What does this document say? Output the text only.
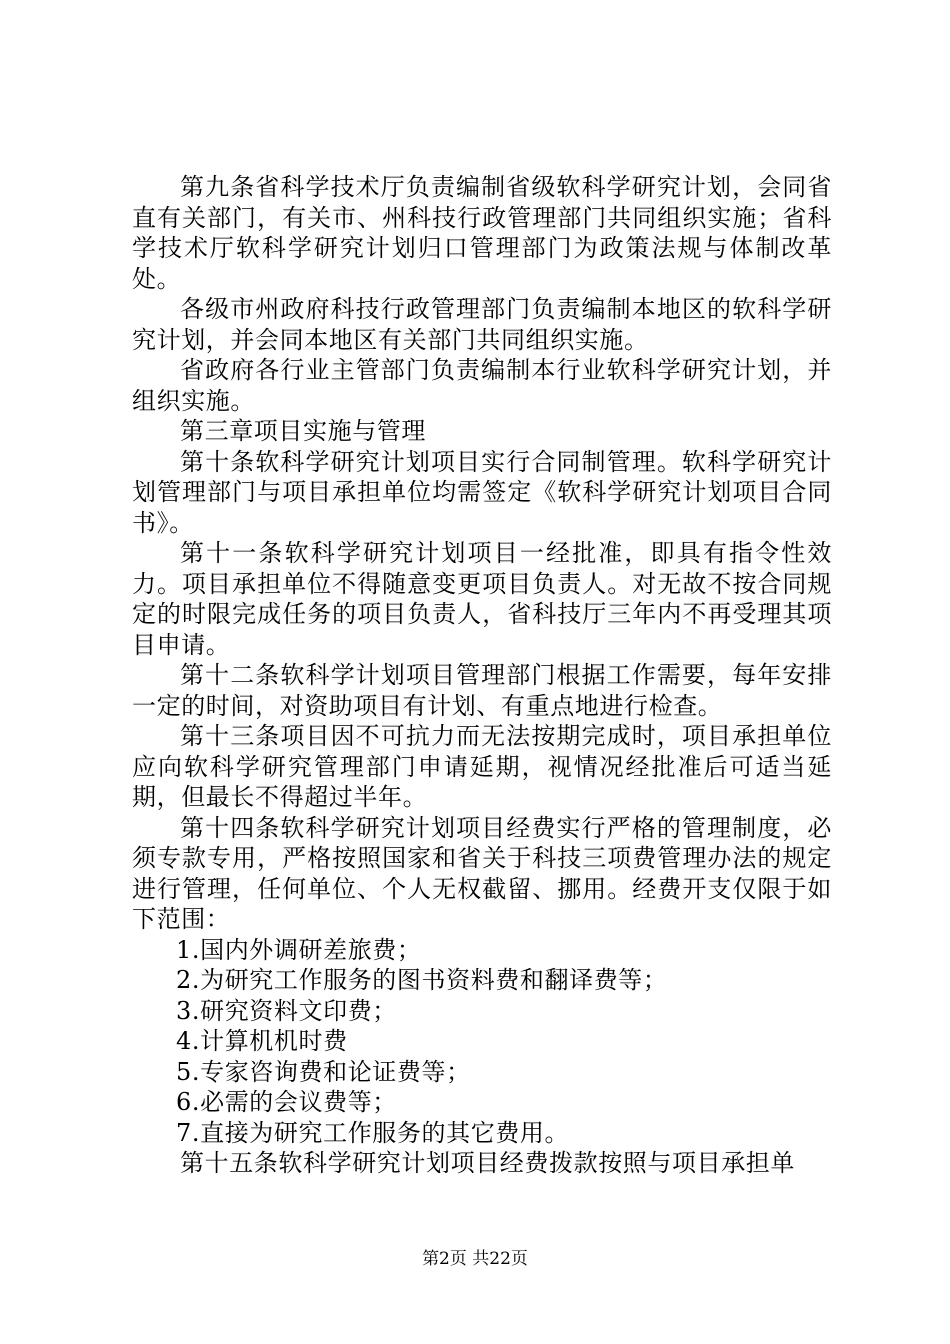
第九条省科学技术厅负责编制省级软科学研究计划，会同省直有关部门，有关市、州科技行政管理部门共同组织实施；省科学技术厅软科学研究计划归口管理部门为政策法规与体制改革处。

各级市州政府科技行政管理部门负责编制本地区的软科学研究计划，并会同本地区有关部门共同组织实施。

省政府各行业主管部门负责编制本行业软科学研究计划，并组织实施。

第三章项目实施与管理

第十条软科学研究计划项目实行合同制管理。软科学研究计划管理部门与项目承担单位均需签定《软科学研究计划项目合同书》。

第十一条软科学研究计划项目一经批准，即具有指令性效力。项目承担单位不得随意变更项目负责人。对无故不按合同规定的时限完成任务的项目负责人，省科技厅三年内不再受理其项目申请。

第十二条软科学计划项目管理部门根据工作需要，每年安排一定的时间，对资助项目有计划、有重点地进行检查。

第十三条项目因不可抗力而无法按期完成时，项目承担单位应向软科学研究管理部门申请延期，视情况经批准后可适当延期，但最长不得超过半年。

第十四条软科学研究计划项目经费实行严格的管理制度，必须专款专用，严格按照国家和省关于科技三项费管理办法的规定进行管理，任何单位、个人无权截留、挪用。经费开支仅限于如下范围：

1.国内外调研差旅费；

2.为研究工作服务的图书资料费和翻译费等；

3.研究资料文印费；

4.计算机机时费

5.专家咨询费和论证费等；

6.必需的会议费等；

7.直接为研究工作服务的其它费用。

第十五条软科学研究计划项目经费拨款按照与项目承担单

第2页 共22页
